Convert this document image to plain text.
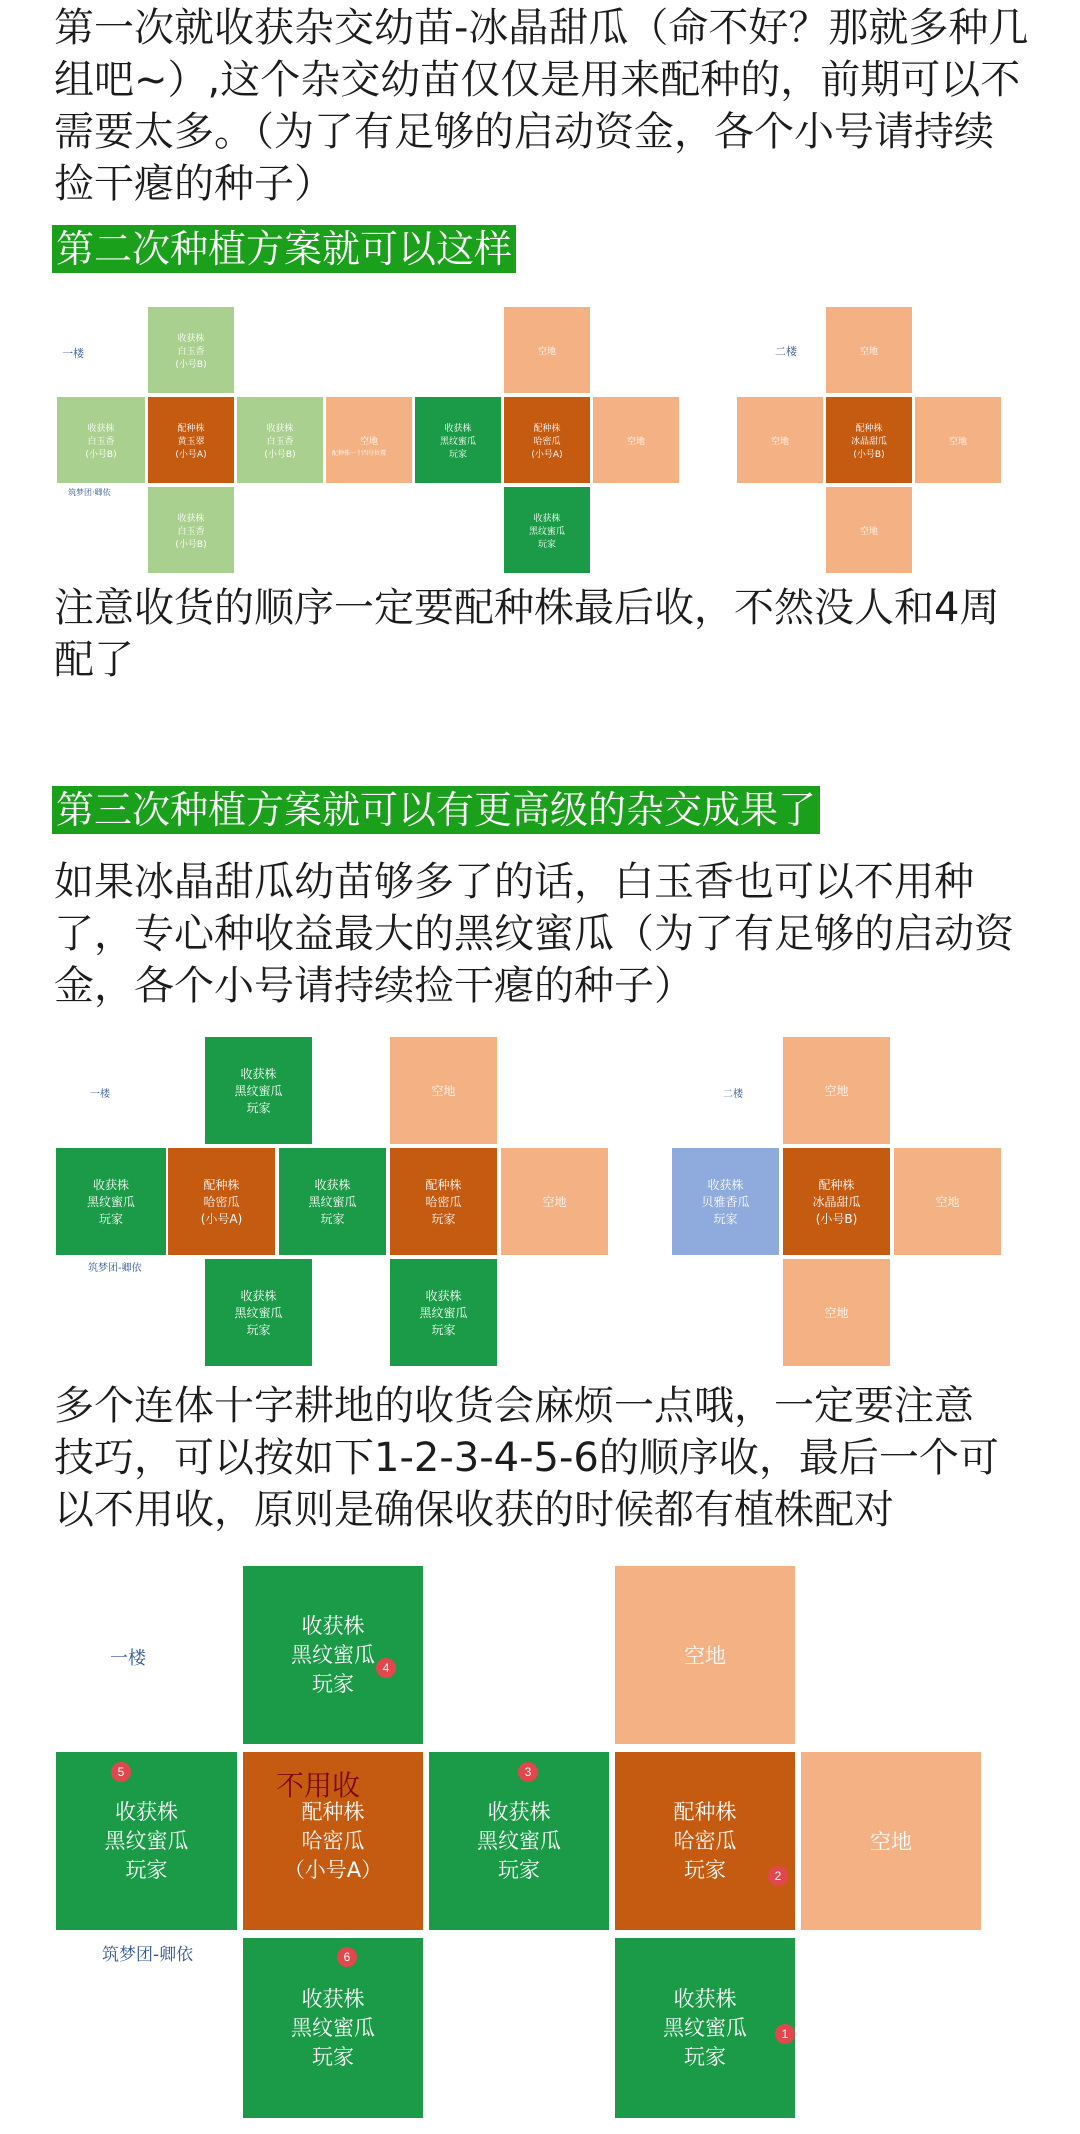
第一次就收获杂交幼苗-冰晶甜瓜（命不好？那就多种几
组吧~）,这个杂交幼苗仅仅是用来配种的，前期可以不
需要太多。（为了有足够的启动资金，各个小号请持续
捡干瘪的种子）

第二次种植方案就可以这样
一楼
筑梦团·卿依
收获株
白玉香
(小号B)
收获株
白玉香
(小号B)
配种株
黄玉翠
(小号A)
收获株
白玉香
(小号B)
收获株
白玉香
(小号B)
空地
配种株一十四号位置
收获株
黑纹蜜瓜
玩家
空地
配种株
哈密瓜
(小号A)
空地
收获株
黑纹蜜瓜
玩家
二楼	空地
空地
配种株
冰晶甜瓜
(小号B)
空地
空地

注意收货的顺序一定要配种株最后收，不然没人和4周
配了

第三次种植方案就可以有更高级的杂交成果了

如果冰晶甜瓜幼苗够多了的话，白玉香也可以不用种
了，专心种收益最大的黑纹蜜瓜（为了有足够的启动资
金，各个小号请持续捡干瘪的种子）

一楼
筑梦团-卿依
收获株
黑纹蜜瓜
玩家
收获株
黑纹蜜瓜
玩家
配种株
哈密瓜
(小号A)
收获株
黑纹蜜瓜
玩家
配种株
哈密瓜
玩家
空地
空地
收获株
黑纹蜜瓜
玩家
收获株
黑纹蜜瓜
玩家
二楼	空地
收获株
贝雅香瓜
玩家
配种株
冰晶甜瓜
(小号B)
空地
空地

多个连体十字耕地的收货会麻烦一点哦，一定要注意
技巧，可以按如下1-2-3-4-5-6的顺序收，最后一个可
以不用收，原则是确保收获的时候都有植株配对

一楼
筑梦团-卿依
收获株
黑纹蜜瓜
玩家
空地
收获株
黑纹蜜瓜
玩家
配种株
哈密瓜
（小号A）
收获株
黑纹蜜瓜
玩家
配种株
哈密瓜
玩家
空地
收获株
黑纹蜜瓜
玩家
收获株
黑纹蜜瓜
玩家
不用收
4
5	3
2
6
1
